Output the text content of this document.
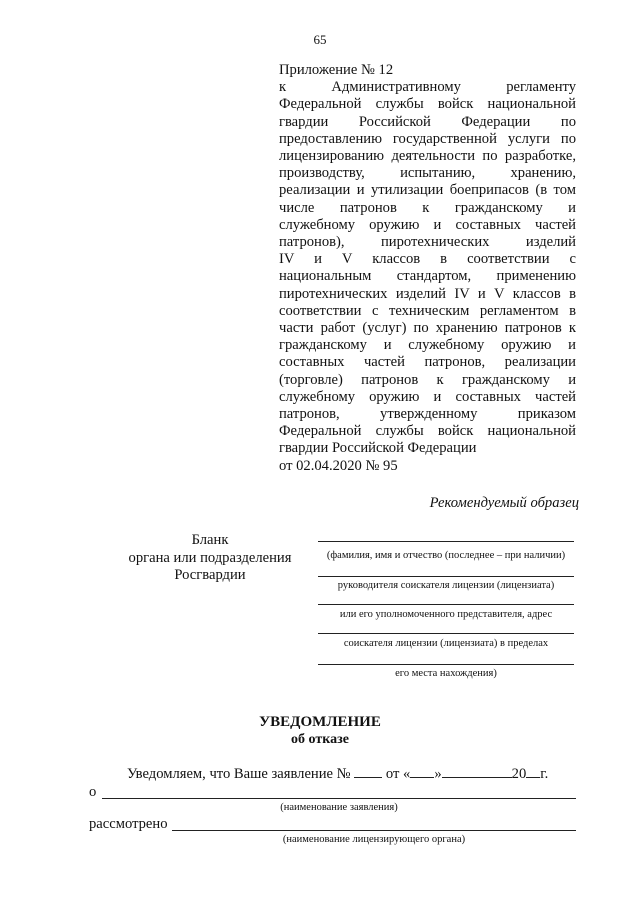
65
Приложение № 12
к Административному регламенту
Федеральной службы войск национальной
гвардии Российской Федерации по
предоставлению государственной услуги по
лицензированию деятельности по разработке,
производству, испытанию, хранению,
реализации и утилизации боеприпасов (в том
числе патронов к гражданскому и
служебному оружию и составных частей
патронов), пиротехнических изделий
IV и V классов в соответствии с
национальным стандартом, применению
пиротехнических изделий IV и V классов в
соответствии с техническим регламентом в
части работ (услуг) по хранению патронов к
гражданскому и служебному оружию и
составных частей патронов, реализации
(торговле) патронов к гражданскому и
служебному оружию и составных частей
патронов, утвержденному приказом
Федеральной службы войск национальной
гвардии Российской Федерации
от 02.04.2020 № 95
Рекомендуемый образец
Бланк
органа или подразделения
Росгвардии
(фамилия, имя и отчество (последнее – при наличии)
руководителя соискателя лицензии (лицензиата)
или его уполномоченного представителя, адрес
соискателя лицензии (лицензиата) в пределах
его места нахождения)
УВЕДОМЛЕНИЕ
об отказе
Уведомляем, что Ваше заявление № от « »	20 г.
о
(наименование заявления)
рассмотрено
(наименование лицензирующего органа)
